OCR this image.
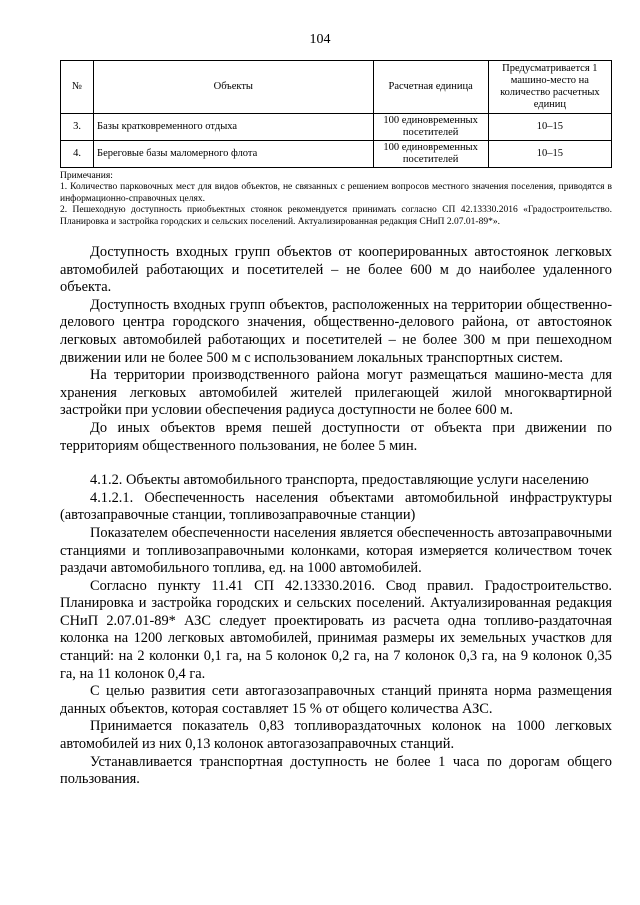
104
№	Объекты	Расчетная единица	Предусматривается 1 машино-место на количество расчетных единиц
3.	Базы кратковременного отдыха	100 единовременных посетителей	10–15
4.	Береговые базы маломерного флота	100 единовременных посетителей	10–15

Примечания:

1. Количество парковочных мест для видов объектов, не связанных с решением вопросов местного значения поселения, приводятся в информационно-справочных целях.

2. Пешеходную доступность приобъектных стоянок рекомендуется принимать согласно СП 42.13330.2016 «Градостроительство. Планировка и застройка городских и сельских поселений. Актуализированная редакция СНиП 2.07.01-89*».

Доступность входных групп объектов от кооперированных автостоянок легковых автомобилей работающих и посетителей – не более 600 м до наиболее удаленного объекта.

Доступность входных групп объектов, расположенных на территории общественно-делового центра городского значения, общественно-делового района, от автостоянок легковых автомобилей работающих и посетителей – не более 300 м при пешеходном движении или не более 500 м с использованием локальных транспортных систем.

На территории производственного района могут размещаться машино-места для хранения легковых автомобилей жителей прилегающей жилой многоквартирной застройки при условии обеспечения радиуса доступности не более 600 м.

До иных объектов время пешей доступности от объекта при движении по территориям общественного пользования, не более 5 мин.

4.1.2. Объекты автомобильного транспорта, предоставляющие услуги населению

4.1.2.1. Обеспеченность населения объектами автомобильной инфраструктуры (автозаправочные станции, топливозаправочные станции)

Показателем обеспеченности населения является обеспеченность автозаправочными станциями и топливозаправочными колонками, которая измеряется количеством точек раздачи автомобильного топлива, ед. на 1000 автомобилей.

Согласно пункту 11.41 СП 42.13330.2016. Свод правил. Градостроительство. Планировка и застройка городских и сельских поселений. Актуализированная редакция СНиП 2.07.01-89* АЗС следует проектировать из расчета одна топливо-раздаточная колонка на 1200 легковых автомобилей, принимая размеры их земельных участков для станций: на 2 колонки 0,1 га, на 5 колонок 0,2 га, на 7 колонок 0,3 га, на 9 колонок 0,35 га, на 11 колонок 0,4 га.

С целью развития сети автогазозаправочных станций принята норма размещения данных объектов, которая составляет 15 % от общего количества АЗС.

Принимается показатель 0,83 топливораздаточных колонок на 1000 легковых автомобилей из них 0,13 колонок автогазозаправочных станций.

Устанавливается транспортная доступность не более 1 часа по дорогам общего пользования.
